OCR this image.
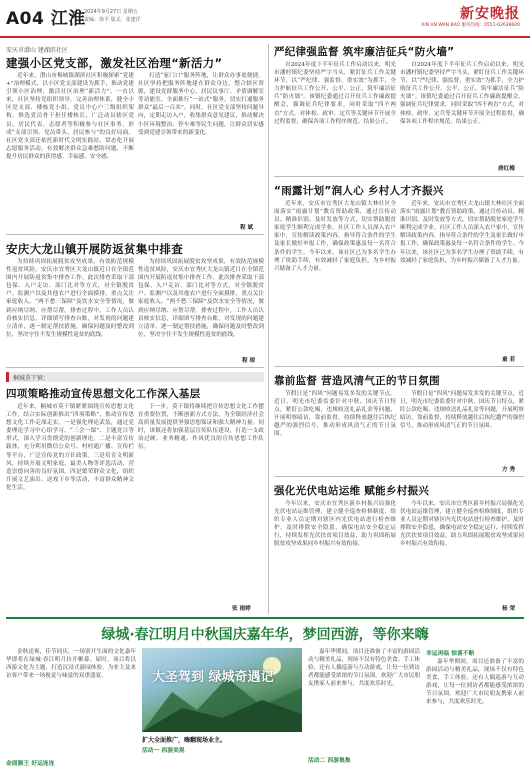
A04 江淮
2024年9月27日 星期五
责编：徐平 版式：张建洋	新安晚报
XIN AN WAN BAO 服务热线：0551-62638600
安庆市潜山 建湖滨社区
建强小区党支部，激发社区治理“新活力”
近年来，潜山市梅城镇湖滨社区积极探索“党建+”治理模式，以小区党支部建设为抓手，推动党建引领小区治理，激活社区治理“新活力”。一直以来，社区坚持党组织领导，完善治理体系，健全小区党支部、楼栋党小组、党员中心户三级组织架构，推选党员骨干担任楼栋长，广泛动员辖区党员、居民代表、志愿者等积极参与社区事务，形成“支部引领、党员带头、居民参与”的良好局面。社区党支部还依托新时代文明实践站，常态化开展志愿服务活动，有效解决群众急难愁盼问题，不断提升居民群众的获得感、幸福感、安全感。
打造“家门口”服务阵地，让群众办事更便捷。社区坚持把服务阵地建在群众身边，整合辖区资源，建设党群服务中心、居民议事厅、矛盾调解室等功能室，全面推行“一站式”服务，切实打通服务群众“最后一百米”。同时，社区党支部坚持问题导向，定期走访入户，收集群众意见建议，推动解决小区环境整治、停车难等民生问题，让群众切实感受到党建引领带来的新变化。
程 斌
安庆大龙山镇开展防返贫集中排查
为持续巩固拓展脱贫攻坚成果，有效防范规模性返贫风险，安庆市宜秀区大龙山镇近日在全镇范围内开展防返贫集中排查工作。此次排查采取干部包保、入户走访、部门比对等方式，对全镇脱贫户、监测户以及其他农户进行全面摸排，重点关注家庭收入、“两不愁三保障”及饮水安全等情况，做到应纳尽纳、应帮尽帮。排查过程中，工作人员认真核实信息，详细填写排查台账，对发现的问题建立清单，逐一制定帮扶措施，确保问题及时整改到位，坚决守住不发生规模性返贫的底线。
为持续巩固拓展脱贫攻坚成果，有效防范规模性返贫风险，安庆市宜秀区大龙山镇近日在全镇范围内开展防返贫集中排查工作。此次排查采取干部包保、入户走访、部门比对等方式，对全镇脱贫户、监测户以及其他农户进行全面摸排，重点关注家庭收入、“两不愁三保障”及饮水安全等情况，做到应纳尽纳、应帮尽帮。排查过程中，工作人员认真核实信息，详细填写排查台账，对发现的问题建立清单，逐一制定帮扶措施，确保问题及时整改到位，坚决守住不发生规模性返贫的底线。
程 琼
桐城莫干镇：
四项策略推动宣传思想文化工作深入基层
近年来，桐城市莫干镇紧紧围绕宣传思想文化工作，结合实际创新推出“四项策略”，推动宣传思想文化工作走深走实。一是强化理论武装，通过党委理论学习中心组学习、“三会一课”、主题党日等形式，深入学习贯彻党的创新理论。二是丰富宣传载体，充分利用微信公众号、村村通广播、宣传栏等平台，广泛宣传党的方针政策。三是培育文明新风，持续开展文明家庭、最美人物等评选活动，营造崇德向善的良好氛围。四是繁荣群众文化，组织开展文艺演出、送戏下乡等活动，丰富群众精神文化生活。
下一步，莫干镇将继续把宣传思想文化工作摆在重要位置，不断创新方式方法，为全镇经济社会高质量发展提供坚强思想保证和强大精神力量。同时，该镇还将加强基层宣传队伍建设，打造一支政治过硬、业务精通、作风优良的宣传思想工作队伍。
张 雨婷
严纪律强监督 筑牢廉洁征兵“防火墙”
自2024年度下半年征兵工作启动以来，明光市潘村镇纪委坚持严字当头，紧盯征兵工作关键环节，以“严纪律、强监督、重实效”为抓手，全力护航征兵工作公开、公平、公正，筑牢廉洁征兵“防火墙”。该镇纪委通过召开征兵工作廉政提醒会，强调征兵纪律要求，同时采取“四不两直”方式，对体检、政审、定兵等关键环节开展全过程监督，确保各项工作程序规范、结果公正。
自2024年度下半年征兵工作启动以来，明光市潘村镇纪委坚持严字当头，紧盯征兵工作关键环节，以“严纪律、强监督、重实效”为抓手，全力护航征兵工作公开、公平、公正，筑牢廉洁征兵“防火墙”。该镇纪委通过召开征兵工作廉政提醒会，强调征兵纪律要求，同时采取“四不两直”方式，对体检、政审、定兵等关键环节开展全过程监督，确保各项工作程序规范、结果公正。
唐红梅
“雨露计划”润人心 乡村人才齐振兴
近年来，安庆市宜秀区大龙山镇大林社区全面落实“雨露计划”教育资助政策，通过宣传动员、精准识别、及时发放等方式，切实帮助脱贫家庭学生顺利完成学业。社区工作人员深入农户家中，宣传解读政策内容，指导符合条件的学生及家长做好申报工作，确保政策惠及每一名符合条件的学生。今年以来，该社区已为多名学生办理了资助手续，有效减轻了家庭负担，为乡村振兴储备了人才力量。
近年来，安庆市宜秀区大龙山镇大林社区全面落实“雨露计划”教育资助政策，通过宣传动员、精准识别、及时发放等方式，切实帮助脱贫家庭学生顺利完成学业。社区工作人员深入农户家中，宣传解读政策内容，指导符合条件的学生及家长做好申报工作，确保政策惠及每一名符合条件的学生。今年以来，该社区已为多名学生办理了资助手续，有效减轻了家庭负担，为乡村振兴储备了人才力量。
童 若
靠前监督 营造风清气正的节日氛围
节假日是“四风”问题易发多发的关键节点。近日，明光市纪委监委针对中秋、国庆节日特点，紧盯公款吃喝、违规收送礼品礼金等问题，开展明察暗访，靠前监督，持续释放越往后执纪越严的强烈信号，推动形成风清气正的节日氛围。
节假日是“四风”问题易发多发的关键节点。近日，明光市纪委监委针对中秋、国庆节日特点，紧盯公款吃喝、违规收送礼品礼金等问题，开展明察暗访，靠前监督，持续释放越往后执纪越严的强烈信号，推动形成风清气正的节日氛围。
方 秀
强化光伏电站运维 赋能乡村振兴
今年以来，安庆市宜秀区新乡村振兴局强化光伏电站运维管理，建立健全巡查检修制度，组织专业人员定期对辖区内光伏电站进行检查维护，及时排除安全隐患，确保电站安全稳定运行，持续发挥光伏扶贫项目效益，助力巩固拓展脱贫攻坚成果同乡村振兴有效衔接。
今年以来，安庆市宜秀区新乡村振兴局强化光伏电站运维管理，建立健全巡查检修制度，组织专业人员定期对辖区内光伏电站进行检查维护，及时排除安全隐患，确保电站安全稳定运行，持续发挥光伏扶贫项目效益，助力巩固拓展脱贫攻坚成果同乡村振兴有效衔接。
杨 荣
绿城·春江明月中秋国庆嘉年华，梦回西游，等你来嗨
金秋送爽，佳节同庆。一场别开生面的文化嘉年华即将在绿城·春江明月拉开帷幕。届时，项目将以西游文化为主题，打造沉浸式游园体验，为业主及来访客户带来一场视觉与味觉的双重盛宴。	大圣驾到 绿城奇遇记
扩大全面推广，嗨翻现场业主。
活动一 西游美观
金面猴王 好运连连
嘉年华期间，项目还准备了丰富的游园活动与精美礼品，现场不仅有特色美食、手工体验，还有人偶巡游与互动游戏，让每一位到访者都能感受浓浓的节日氛围。欢迎广大市民朋友携家人前来参与，共度欢乐时光。
幸运再临 惊喜不断
嘉年华期间，项目还准备了丰富的游园活动与精美礼品，现场不仅有特色美食、手工体验，还有人偶巡游与互动游戏，让每一位到访者都能感受浓浓的节日氛围。欢迎广大市民朋友携家人前来参与，共度欢乐时光。
活动二 西游集集
